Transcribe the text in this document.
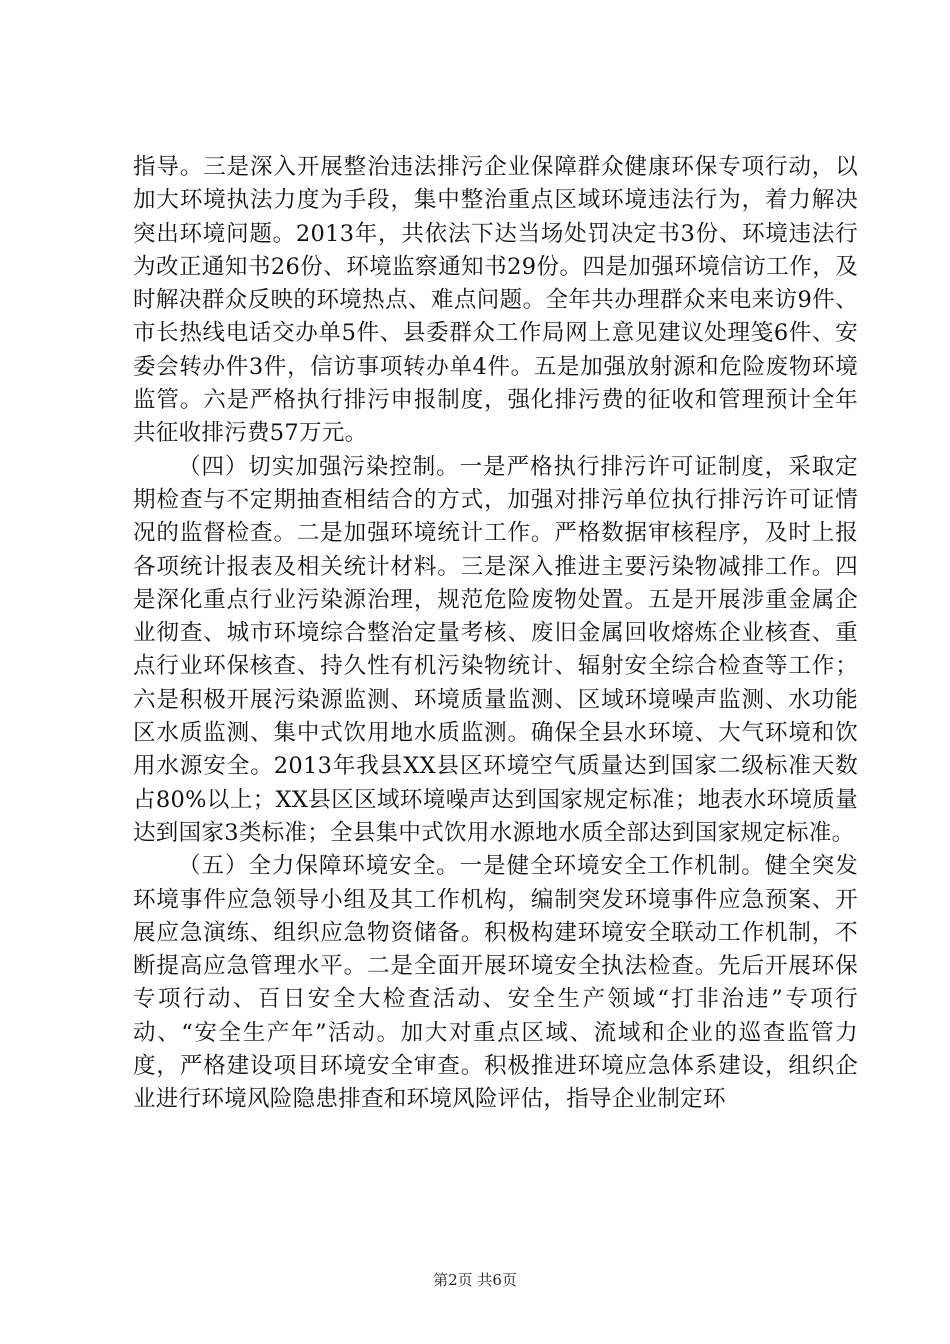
指导。三是深入开展整治违法排污企业保障群众健康环保专项行动，以加大环境执法力度为手段，集中整治重点区域环境违法行为，着力解决突出环境问题。2013年，共依法下达当场处罚决定书3份、环境违法行为改正通知书26份、环境监察通知书29份。四是加强环境信访工作，及时解决群众反映的环境热点、难点问题。全年共办理群众来电来访9件、市长热线电话交办单5件、县委群众工作局网上意见建议处理笺6件、安委会转办件3件，信访事项转办单4件。五是加强放射源和危险废物环境监管。六是严格执行排污申报制度，强化排污费的征收和管理预计全年共征收排污费57万元。

（四）切实加强污染控制。一是严格执行排污许可证制度，采取定期检查与不定期抽查相结合的方式，加强对排污单位执行排污许可证情况的监督检查。二是加强环境统计工作。严格数据审核程序，及时上报各项统计报表及相关统计材料。三是深入推进主要污染物减排工作。四是深化重点行业污染源治理，规范危险废物处置。五是开展涉重金属企业彻查、城市环境综合整治定量考核、废旧金属回收熔炼企业核查、重点行业环保核查、持久性有机污染物统计、辐射安全综合检查等工作；六是积极开展污染源监测、环境质量监测、区域环境噪声监测、水功能区水质监测、集中式饮用地水质监测。确保全县水环境、大气环境和饮用水源安全。2013年我县XX县区环境空气质量达到国家二级标准天数占80%以上；XX县区区域环境噪声达到国家规定标准；地表水环境质量达到国家3类标准；全县集中式饮用水源地水质全部达到国家规定标准。

（五）全力保障环境安全。一是健全环境安全工作机制。健全突发环境事件应急领导小组及其工作机构，编制突发环境事件应急预案、开展应急演练、组织应急物资储备。积极构建环境安全联动工作机制，不断提高应急管理水平。二是全面开展环境安全执法检查。先后开展环保专项行动、百日安全大检查活动、安全生产领域“打非治违”专项行动、“安全生产年”活动。加大对重点区域、流域和企业的巡查监管力度，严格建设项目环境安全审查。积极推进环境应急体系建设，组织企业进行环境风险隐患排查和环境风险评估，指导企业制定环

第2页 共6页
